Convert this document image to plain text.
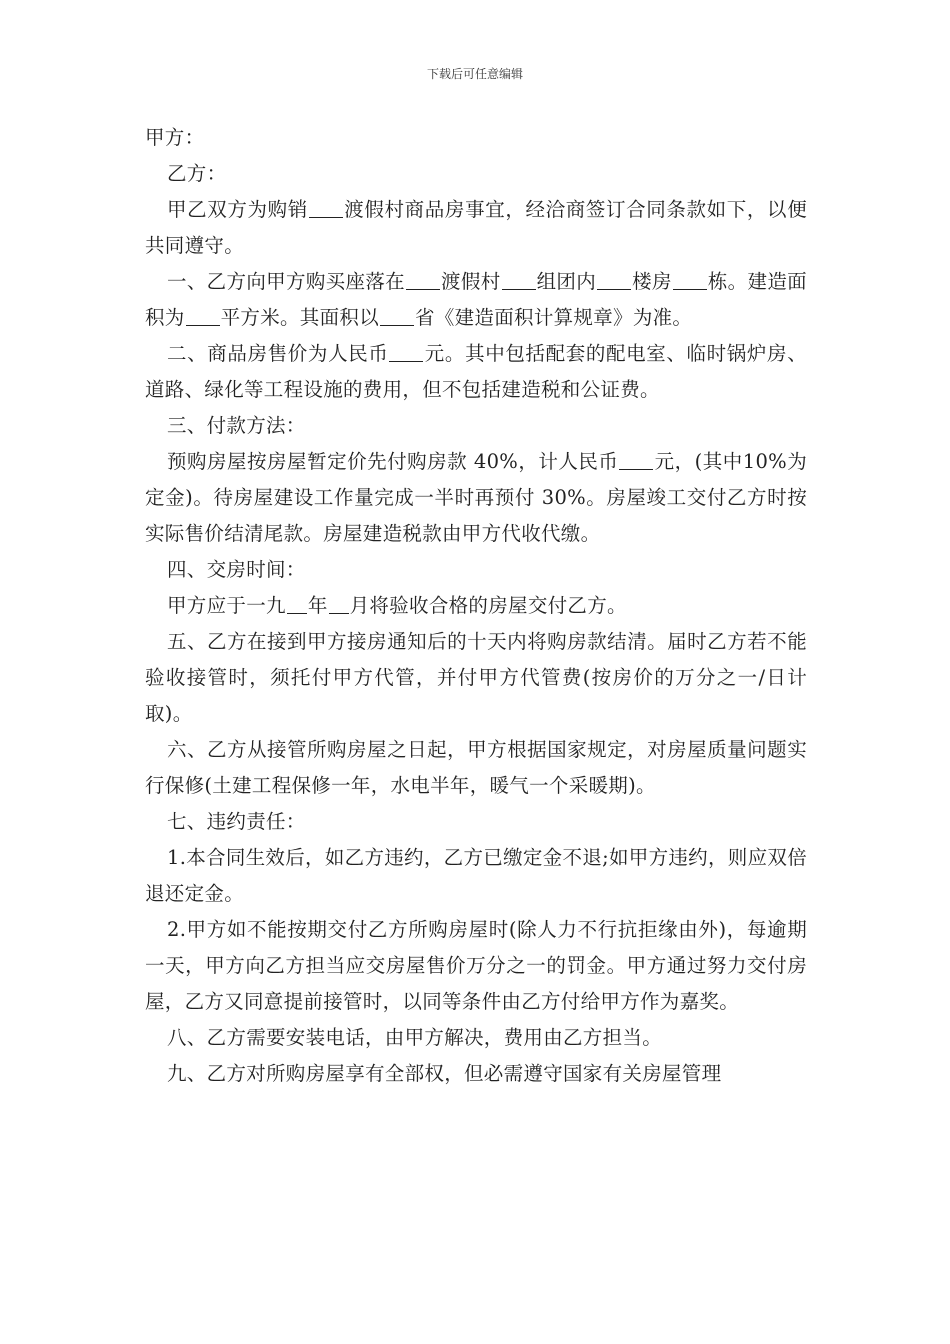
下载后可任意编辑

甲方：

乙方：

甲乙双方为购销 渡假村商品房事宜，经洽商签订合同条款如下，以便共同遵守。

一、乙方向甲方购买座落在 渡假村 组团内 楼房 栋。建造面积为 平方米。其面积以 省《建造面积计算规章》为准。

二、商品房售价为人民币 元。其中包括配套的配电室、临时锅炉房、道路、绿化等工程设施的费用，但不包括建造税和公证费。

三、付款方法：

预购房屋按房屋暂定价先付购房款 40%，计人民币 元，(其中10%为定金)。待房屋建设工作量完成一半时再预付 30%。房屋竣工交付乙方时按实际售价结清尾款。房屋建造税款由甲方代收代缴。

四、交房时间：

甲方应于一九 年 月将验收合格的房屋交付乙方。

五、乙方在接到甲方接房通知后的十天内将购房款结清。届时乙方若不能验收接管时，须托付甲方代管，并付甲方代管费(按房价的万分之一/日计取)。

六、乙方从接管所购房屋之日起，甲方根据国家规定，对房屋质量问题实行保修(土建工程保修一年，水电半年，暖气一个采暖期)。

七、违约责任：

1.本合同生效后，如乙方违约，乙方已缴定金不退;如甲方违约，则应双倍退还定金。

2.甲方如不能按期交付乙方所购房屋时(除人力不行抗拒缘由外)，每逾期一天，甲方向乙方担当应交房屋售价万分之一的罚金。甲方通过努力交付房屋，乙方又同意提前接管时，以同等条件由乙方付给甲方作为嘉奖。

八、乙方需要安装电话，由甲方解决，费用由乙方担当。

九、乙方对所购房屋享有全部权，但必需遵守国家有关房屋管理
